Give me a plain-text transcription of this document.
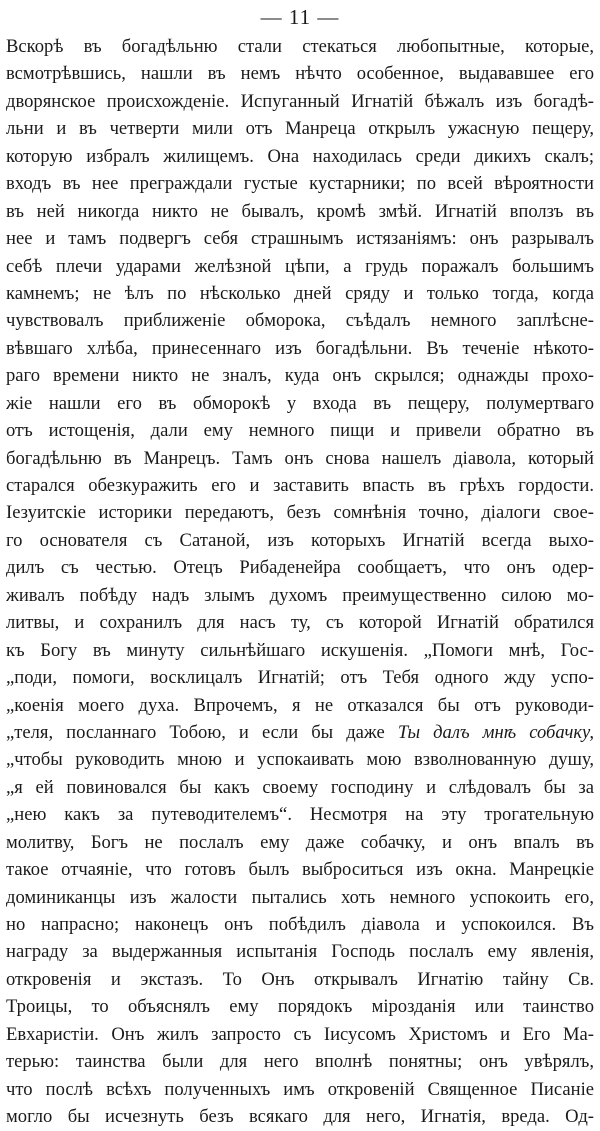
— 11 —
Вскорѣ въ богадѣльню стали стекаться любопытные, которые,
всмотрѣвшись, нашли въ немъ нѣчто особенное, выдававшее его
дворянское происхожденіе. Испуганный Игнатій бѣжалъ изъ богадѣ-
льни и въ четверти мили отъ Манреца открылъ ужасную пещеру,
которую избралъ жилищемъ. Она находилась среди дикихъ скалъ;
входъ въ нее преграждали густые кустарники; по всей вѣроятности
въ ней никогда никто не бывалъ, кромѣ змѣй. Игнатій вползъ въ
нее и тамъ подвергъ себя страшнымъ истязаніямъ: онъ разрывалъ
себѣ плечи ударами желѣзной цѣпи, а грудь поражалъ большимъ
камнемъ; не ѣлъ по нѣсколько дней сряду и только тогда, когда
чувствовалъ приближеніе обморока, съѣдалъ немного заплѣсне-
вѣвшаго хлѣба, принесеннаго изъ богадѣльни. Въ теченіе нѣкото-
раго времени никто не зналъ, куда онъ скрылся; однажды прохо-
жіе нашли его въ обморокѣ у входа въ пещеру, полумертваго
отъ истощенія, дали ему немного пищи и привели обратно въ
богадѣльню въ Манрецъ. Тамъ онъ снова нашелъ діавола, который
старался обезкуражить его и заставить впасть въ грѣхъ гордости.
Іезуитскіе историки передаютъ, безъ сомнѣнія точно, діалоги свое-
го основателя съ Сатаной, изъ которыхъ Игнатій всегда выхо-
дилъ съ честью. Отецъ Рибаденейра сообщаетъ, что онъ одер-
живалъ побѣду надъ злымъ духомъ преимущественно силою мо-
литвы, и сохранилъ для насъ ту, съ которой Игнатій обратился
къ Богу въ минуту сильнѣйшаго искушенія. „Помоги мнѣ, Гос-
„поди, помоги, восклицалъ Игнатій; отъ Тебя одного жду успо-
„коенія моего духа. Впрочемъ, я не отказался бы отъ руководи-
„теля, посланнаго Тобою, и если бы даже Ты далъ мнѣ собачку,
„чтобы руководить мною и успокаивать мою взволнованную душу,
„я ей повиновался бы какъ своему господину и слѣдовалъ бы за
„нею какъ за путеводителемъ“. Несмотря на эту трогательную
молитву, Богъ не послалъ ему даже собачку, и онъ впалъ въ
такое отчаяніе, что готовъ былъ выброситься изъ окна. Манрецкіе
доминиканцы изъ жалости пытались хоть немного успокоить его,
но напрасно; наконецъ онъ побѣдилъ діавола и успокоился. Въ
награду за выдержанныя испытанія Господь послалъ ему явленія,
откровенія и экстазъ. То Онъ открывалъ Игнатію тайну Св.
Троицы, то объяснялъ ему порядокъ мірозданія или таинство
Евхаристіи. Онъ жилъ запросто съ Іисусомъ Христомъ и Его Ма-
терью: таинства были для него вполнѣ понятны; онъ увѣрялъ,
что послѣ всѣхъ полученныхъ имъ откровеній Священное Писаніе
могло бы исчезнуть безъ всякаго для него, Игнатія, вреда. Од-
